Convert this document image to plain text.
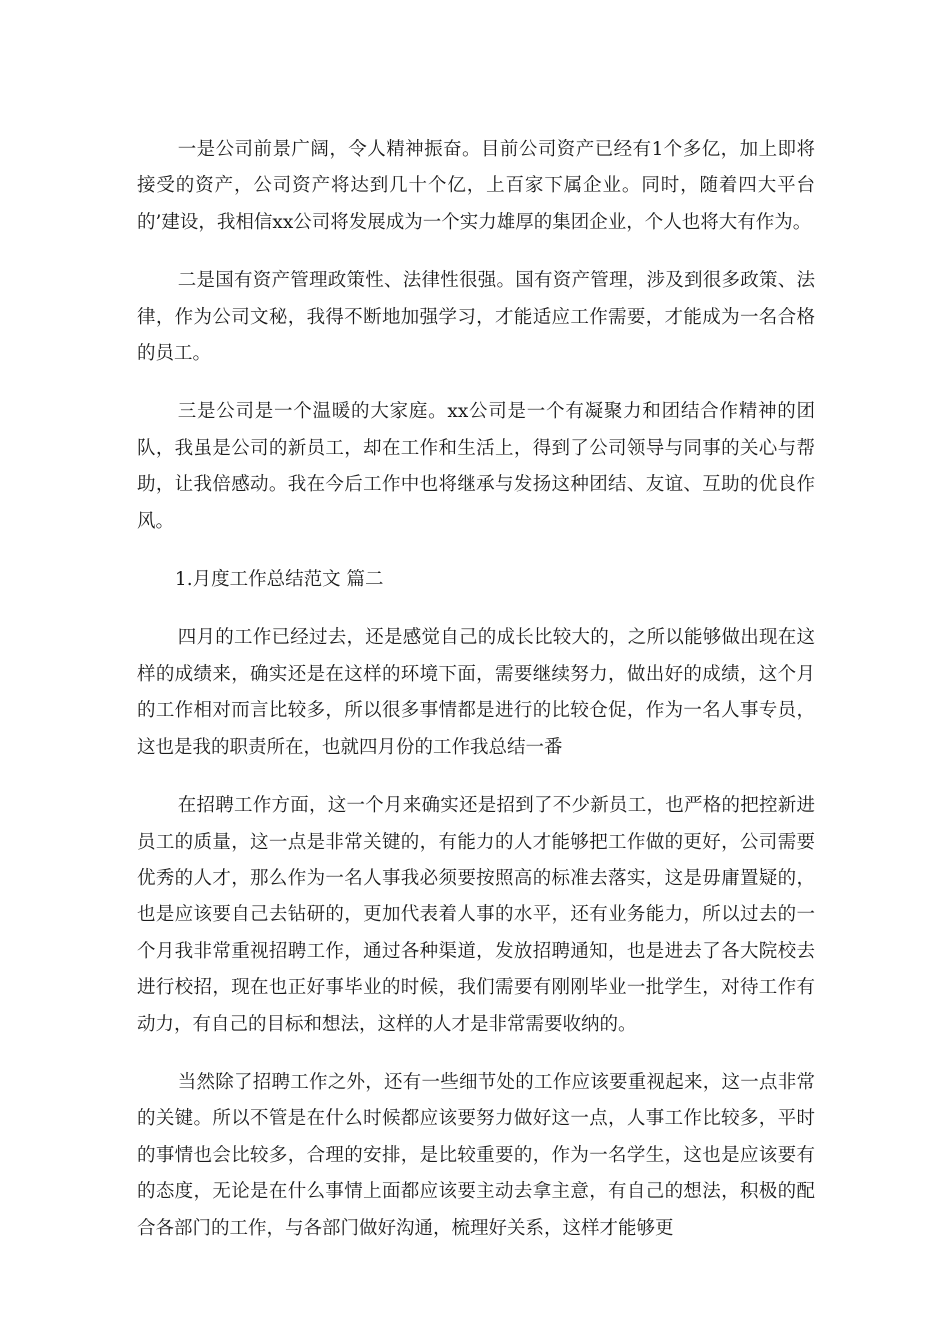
一是公司前景广阔，令人精神振奋。目前公司资产已经有1个多亿，加上即将接受的资产，公司资产将达到几十个亿，上百家下属企业。同时，随着四大平台的’建设，我相信xx公司将发展成为一个实力雄厚的集团企业，个人也将大有作为。

二是国有资产管理政策性、法律性很强。国有资产管理，涉及到很多政策、法律，作为公司文秘，我得不断地加强学习，才能适应工作需要，才能成为一名合格的员工。

三是公司是一个温暖的大家庭。xx公司是一个有凝聚力和团结合作精神的团队，我虽是公司的新员工，却在工作和生活上，得到了公司领导与同事的关心与帮助，让我倍感动。我在今后工作中也将继承与发扬这种团结、友谊、互助的优良作风。

1.月度工作总结范文 篇二

四月的工作已经过去，还是感觉自己的成长比较大的，之所以能够做出现在这样的成绩来，确实还是在这样的环境下面，需要继续努力，做出好的成绩，这个月的工作相对而言比较多，所以很多事情都是进行的比较仓促，作为一名人事专员，这也是我的职责所在，也就四月份的工作我总结一番

在招聘工作方面，这一个月来确实还是招到了不少新员工，也严格的把控新进员工的质量，这一点是非常关键的，有能力的人才能够把工作做的更好，公司需要优秀的人才，那么作为一名人事我必须要按照高的标准去落实，这是毋庸置疑的，也是应该要自己去钻研的，更加代表着人事的水平，还有业务能力，所以过去的一个月我非常重视招聘工作，通过各种渠道，发放招聘通知，也是进去了各大院校去进行校招，现在也正好事毕业的时候，我们需要有刚刚毕业一批学生，对待工作有动力，有自己的目标和想法，这样的人才是非常需要收纳的。

当然除了招聘工作之外，还有一些细节处的工作应该要重视起来，这一点非常的关键。所以不管是在什么时候都应该要努力做好这一点，人事工作比较多，平时的事情也会比较多，合理的安排，是比较重要的，作为一名学生，这也是应该要有的态度，无论是在什么事情上面都应该要主动去拿主意，有自己的想法，积极的配合各部门的工作，与各部门做好沟通，梳理好关系，这样才能够更
